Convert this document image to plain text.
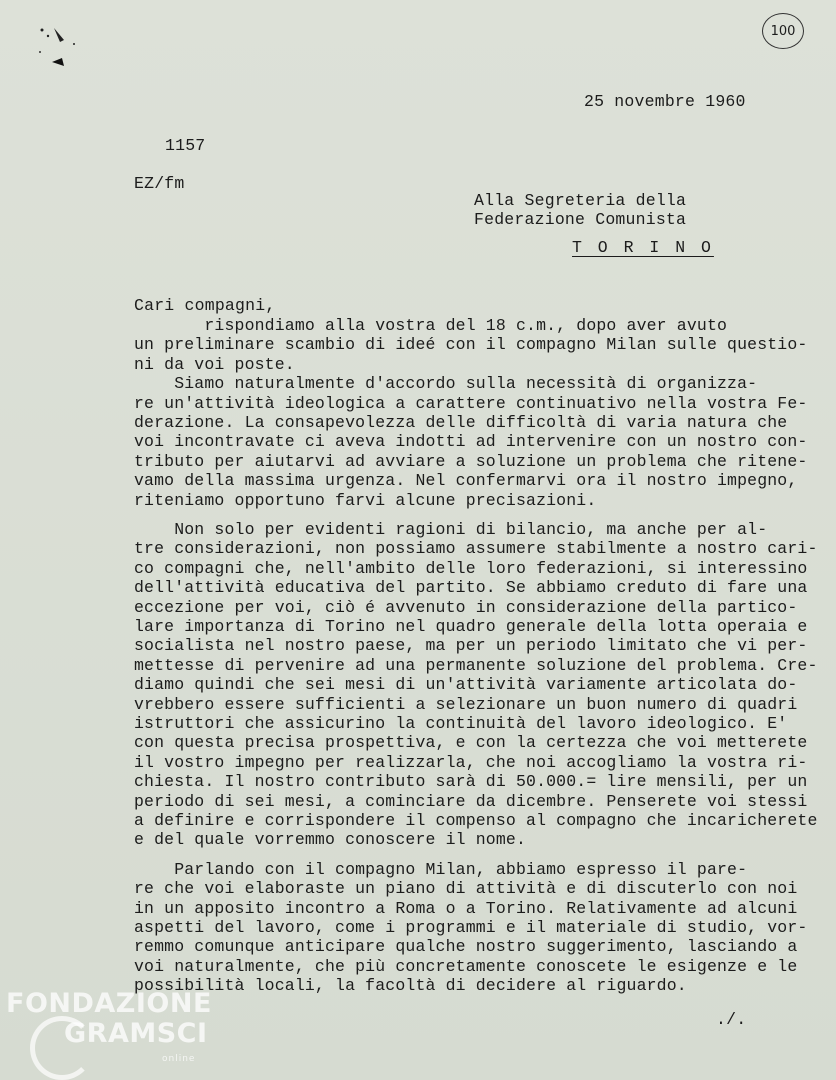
100
25 novembre 1960
1157
EZ/fm
Alla Segreteria della
Federazione Comunista
T O R I N O
Cari compagni,
rispondiamo alla vostra del 18 c.m., dopo aver avuto
un preliminare scambio di ideé con il compagno Milan sulle questio-
ni da voi poste.
Siamo naturalmente d'accordo sulla necessità di organizza-
re un'attività ideologica a carattere continuativo nella vostra Fe-
derazione. La consapevolezza delle difficoltà di varia natura che
voi incontravate ci aveva indotti ad intervenire con un nostro con-
tributo per aiutarvi ad avviare a soluzione un problema che ritene-
vamo della massima urgenza. Nel confermarvi ora il nostro impegno,
riteniamo opportuno farvi alcune precisazioni.
Non solo per evidenti ragioni di bilancio, ma anche per al-
tre considerazioni, non possiamo assumere stabilmente a nostro cari-
co compagni che, nell'ambito delle loro federazioni, si interessino
dell'attività educativa del partito. Se abbiamo creduto di fare una
eccezione per voi, ciò é avvenuto in considerazione della partico-
lare importanza di Torino nel quadro generale della lotta operaia e
socialista nel nostro paese, ma per un periodo limitato che vi per-
mettesse di pervenire ad una permanente soluzione del problema. Cre-
diamo quindi che sei mesi di un'attività variamente articolata do-
vrebbero essere sufficienti a selezionare un buon numero di quadri
istruttori che assicurino la continuità del lavoro ideologico. E'
con questa precisa prospettiva, e con la certezza che voi metterete
il vostro impegno per realizzarla, che noi accogliamo la vostra ri-
chiesta. Il nostro contributo sarà di 50.000.= lire mensili, per un
periodo di sei mesi, a cominciare da dicembre. Penserete voi stessi
a definire e corrispondere il compenso al compagno che incaricherete
e del quale vorremmo conoscere il nome.
Parlando con il compagno Milan, abbiamo espresso il pare-
re che voi elaboraste un piano di attività e di discuterlo con noi
in un apposito incontro a Roma o a Torino. Relativamente ad alcuni
aspetti del lavoro, come i programmi e il materiale di studio, vor-
remmo comunque anticipare qualche nostro suggerimento, lasciando a
voi naturalmente, che più concretamente conoscete le esigenze e le
possibilità locali, la facoltà di decidere al riguardo.
./.
FONDAZIONE
GRAMSCI
online
